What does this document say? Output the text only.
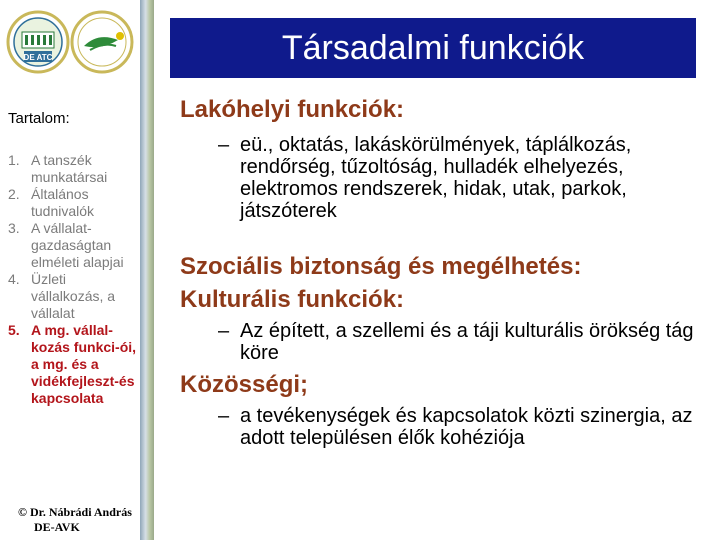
DE ATC
Tartalom:
1. A tanszék munkatársai
2. Általános tudnivalók
3. A vállalat-gazdaságtan elméleti alapjai
4. Üzleti vállalkozás, a vállalat
5. A mg. vállal-kozás funkci-ói, a mg. és a vidékfejleszt-és kapcsolata
© Dr. Nábrádi András
DE-AVK
Társadalmi funkciók
Lakóhelyi funkciók:
– eü., oktatás, lakáskörülmények, táplálkozás, rendőrség, tűzoltóság, hulladék elhelyezés, elektromos rendszerek, hidak, utak, parkok, játszóterek
Szociális biztonság és megélhetés:
Kulturális funkciók:
– Az épített, a szellemi és a táji kulturális örökség tág köre
Közösségi;
– a tevékenységek és kapcsolatok közti szinergia, az adott településen élők kohéziója
